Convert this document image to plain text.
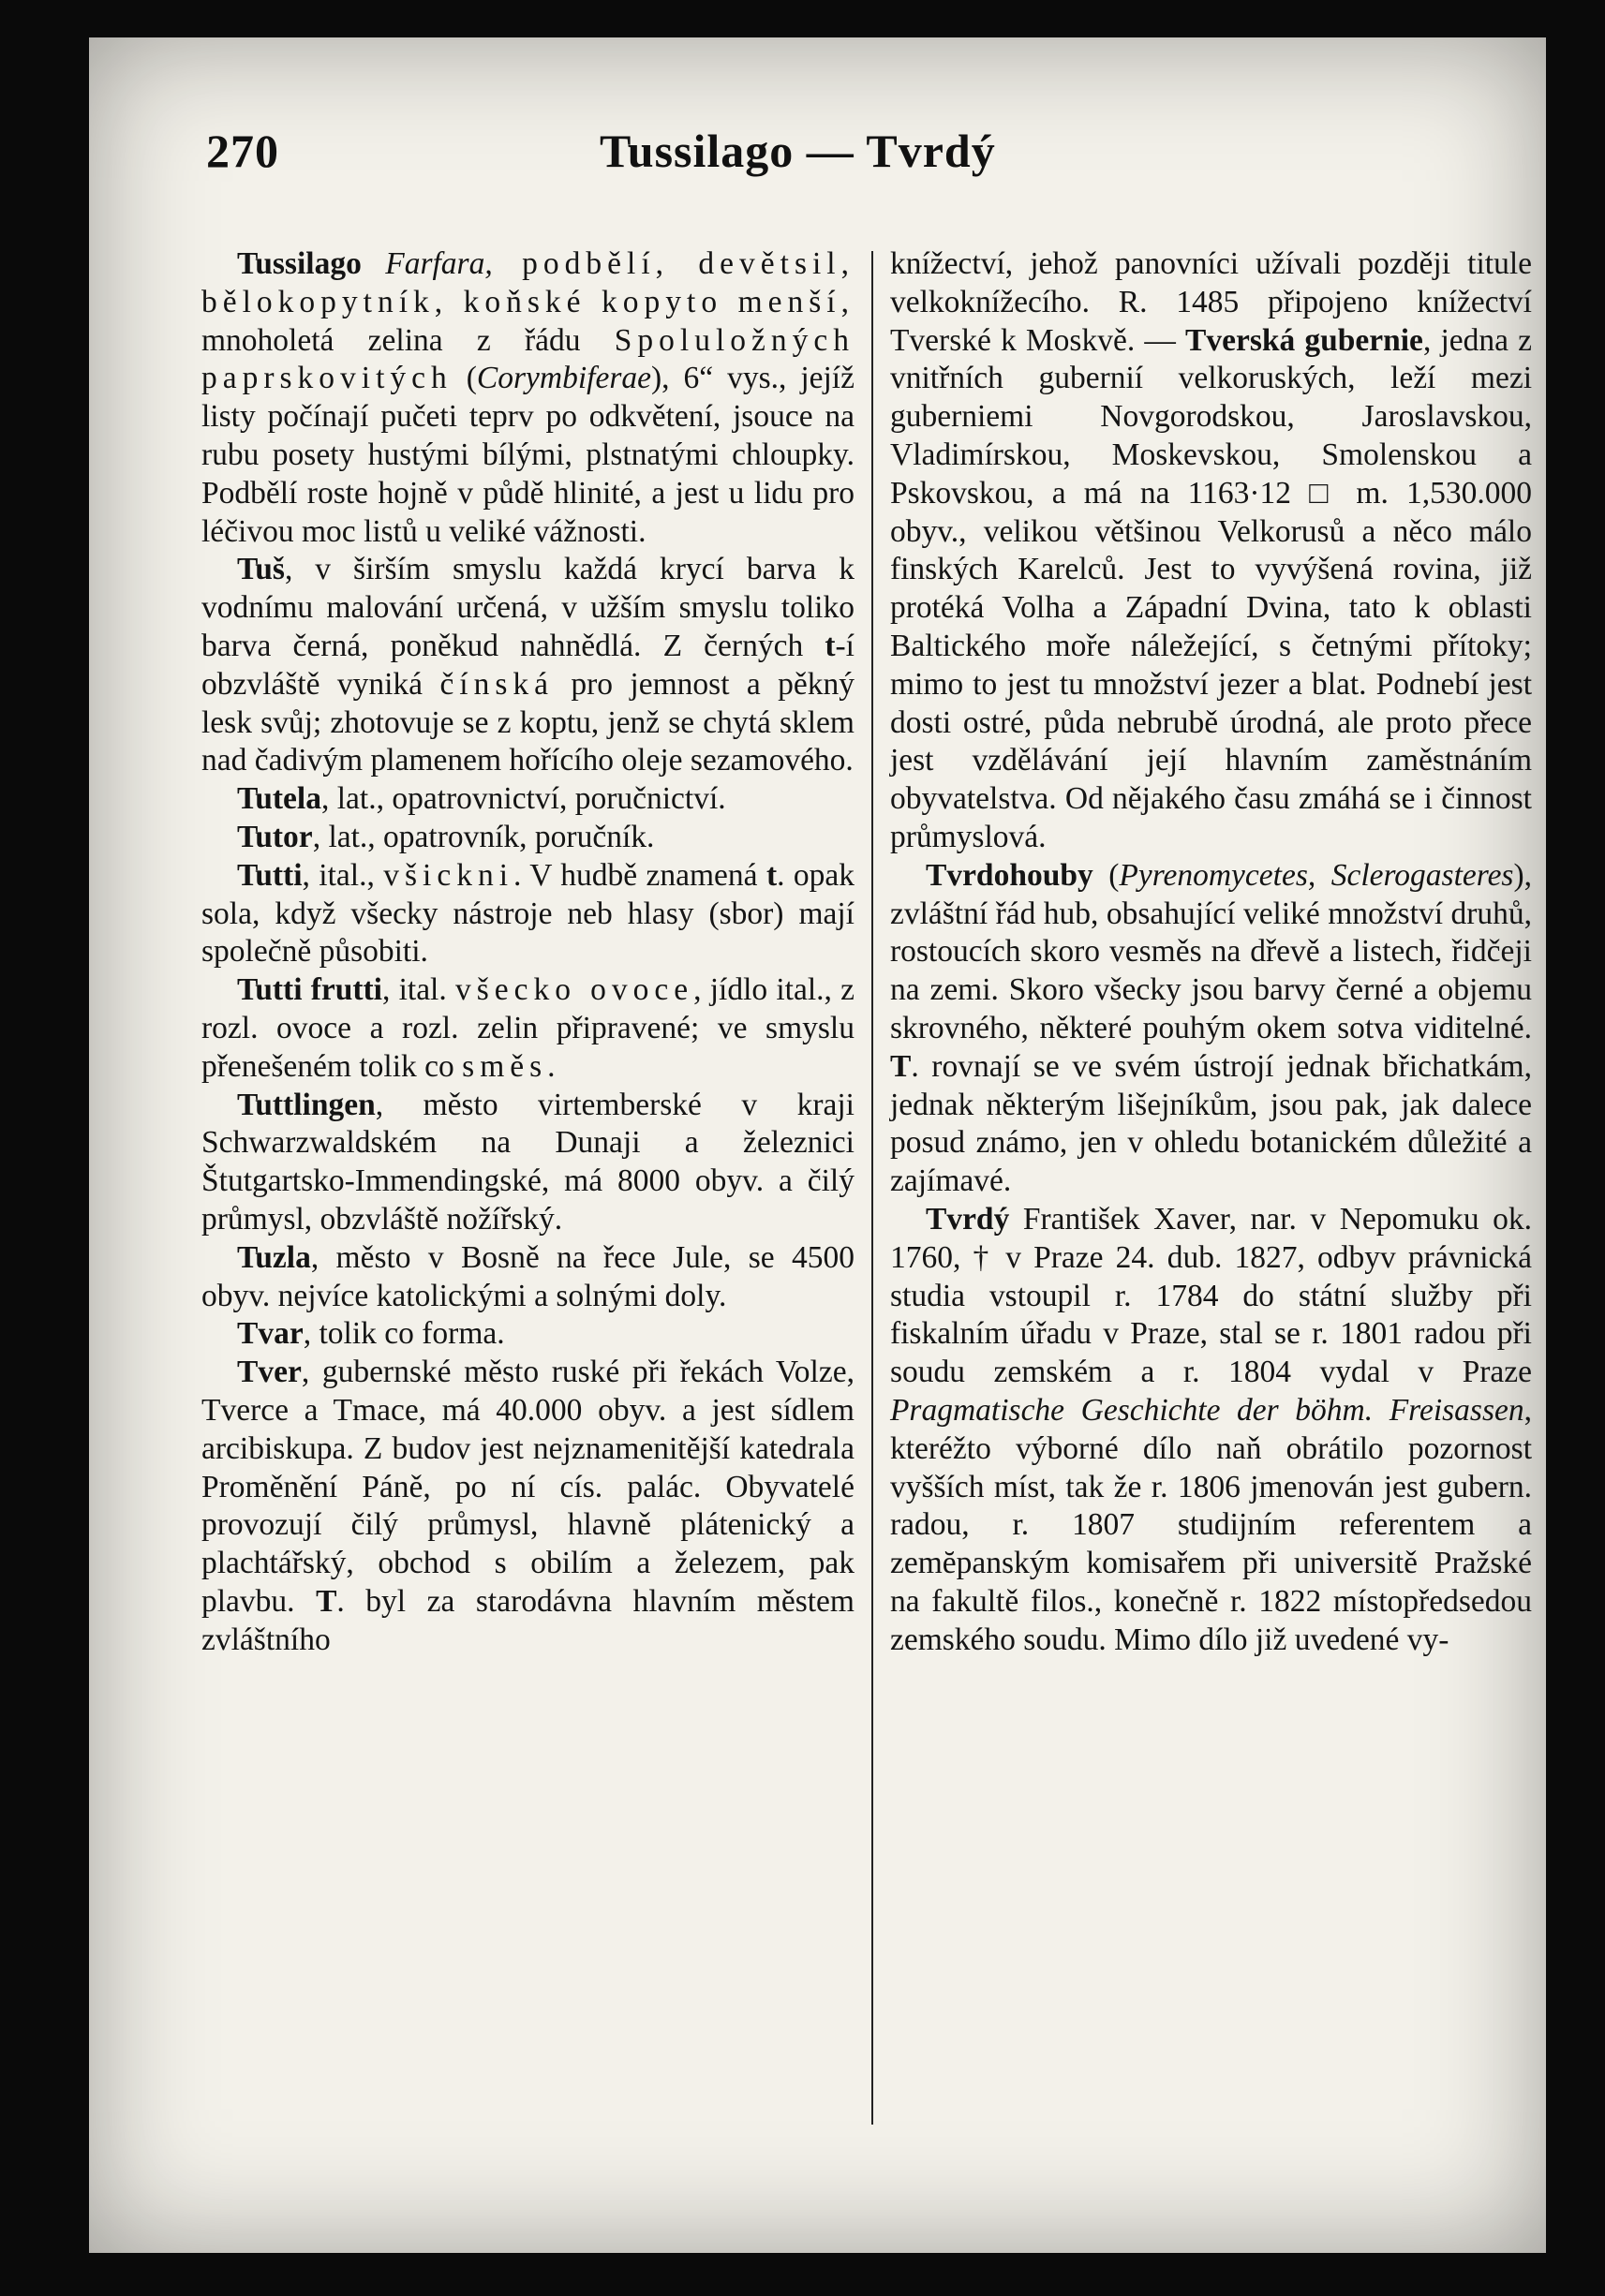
270	Tussilago — Tvrdý

Tussilago Farfara, podbělí, devětsil, bělokopytník, koňské kopyto menší, mnoholetá zelina z řádu Spoluložných paprskovitých (Corymbiferae), 6“ vys., jejíž listy počínají pučeti teprv po odkvětení, jsouce na rubu posety hustými bílými, plstnatými chloupky. Podbělí roste hojně v půdě hlinité, a jest u lidu pro léčivou moc listů u veliké vážnosti.

Tuš, v širším smyslu každá krycí barva k vodnímu malování určená, v užším smyslu toliko barva černá, poněkud nahnědlá. Z černých t-í obzvláště vyniká čínská pro jemnost a pěkný lesk svůj; zhotovuje se z koptu, jenž se chytá sklem nad čadivým plamenem hořícího oleje sezamového.

Tutela, lat., opatrovnictví, poručnictví.

Tutor, lat., opatrovník, poručník.

Tutti, ital., všickni. V hudbě znamená t. opak sola, když všecky nástroje neb hlasy (sbor) mají společně působiti.

Tutti frutti, ital. všecko ovoce, jídlo ital., z rozl. ovoce a rozl. zelin připravené; ve smyslu přenešeném tolik co směs.

Tuttlingen, město virtemberské v kraji Schwarzwaldském na Dunaji a železnici Štutgartsko-Immendingské, má 8000 obyv. a čilý průmysl, obzvláště nožířský.

Tuzla, město v Bosně na řece Jule, se 4500 obyv. nejvíce katolickými a solnými doly.

Tvar, tolik co forma.

Tver, gubernské město ruské při řekách Volze, Tverce a Tmace, má 40.000 obyv. a jest sídlem arcibiskupa. Z budov jest nejznamenitější katedrala Proměnění Páně, po ní cís. palác. Obyvatelé provozují čilý průmysl, hlavně plátenický a plachtářský, obchod s obilím a železem, pak plavbu. T. byl za starodávna hlavním městem zvláštního

knížectví, jehož panovníci užívali později titule velkoknížecího. R. 1485 připojeno knížectví Tverské k Moskvě. — Tverská gubernie, jedna z vnitřních gubernií velkoruských, leží mezi guberniemi Novgorodskou, Jaroslavskou, Vladimírskou, Moskevskou, Smolenskou a Pskovskou, a má na 1163·12 □ m. 1,530.000 obyv., velikou většinou Velkorusů a něco málo finských Karelců. Jest to vyvýšená rovina, již protéká Volha a Západní Dvina, tato k oblasti Baltického moře náležející, s četnými přítoky; mimo to jest tu množství jezer a blat. Podnebí jest dosti ostré, půda nebrubě úrodná, ale proto přece jest vzdělávání její hlavním zaměstnáním obyvatelstva. Od nějakého času zmáhá se i činnost průmyslová.

Tvrdohouby (Pyrenomycetes, Sclerogasteres), zvláštní řád hub, obsahující veliké množství druhů, rostoucích skoro vesměs na dřevě a listech, řidčeji na zemi. Skoro všecky jsou barvy černé a objemu skrovného, některé pouhým okem sotva viditelné. T. rovnají se ve svém ústrojí jednak břichatkám, jednak některým lišejníkům, jsou pak, jak dalece posud známo, jen v ohledu botanickém důležité a zajímavé.

Tvrdý František Xaver, nar. v Nepomuku ok. 1760, † v Praze 24. dub. 1827, odbyv právnická studia vstoupil r. 1784 do státní služby při fiskalním úřadu v Praze, stal se r. 1801 radou při soudu zemském a r. 1804 vydal v Praze Pragmatische Geschichte der böhm. Freisassen, kteréžto výborné dílo naň obrátilo pozornost vyšších míst, tak že r. 1806 jmenován jest gubern. radou, r. 1807 studijním referentem a zemĕpanským komisařem při universitě Pražské na fakultě filos., konečně r. 1822 místopředsedou zemského soudu. Mimo dílo již uvedené vy-
